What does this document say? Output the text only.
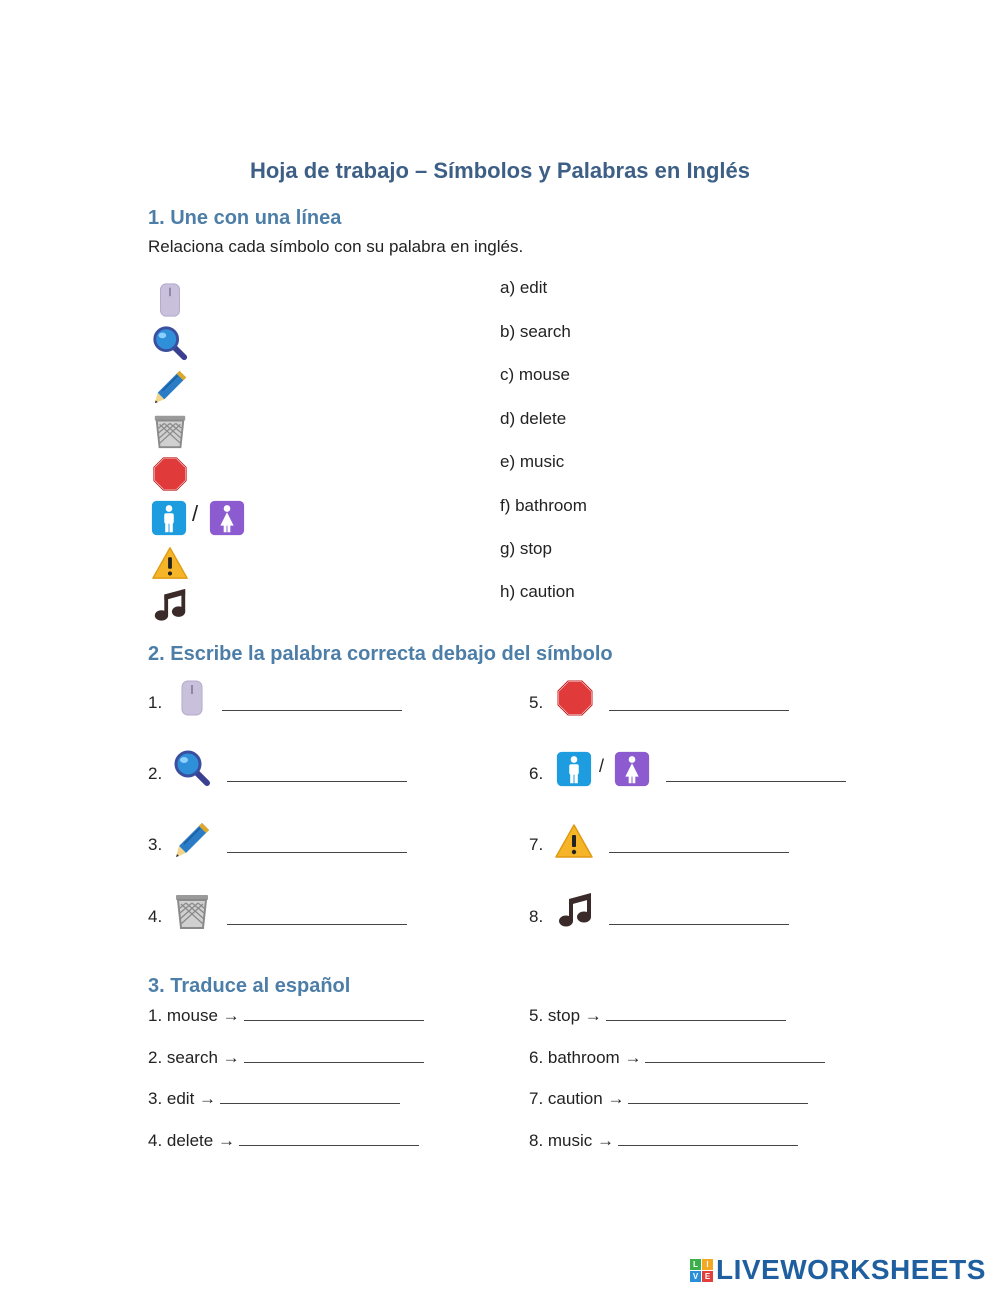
Hoja de trabajo – Símbolos y Palabras en Inglés
1. Une con una línea
Relaciona cada símbolo con su palabra en inglés.
/
a) edit
b) search
c) mouse
d) delete
e) music
f) bathroom
g) stop
h) caution
2. Escribe la palabra correcta debajo del símbolo
1.
2.
3.
4.
5.
6.	/
7.
8.
3. Traduce al español
1. mouse →
2. search →
3. edit →
4. delete →
5. stop →
6. bathroom →
7. caution →
8. music →
L	I
V E LIVEWORKSHEETS
